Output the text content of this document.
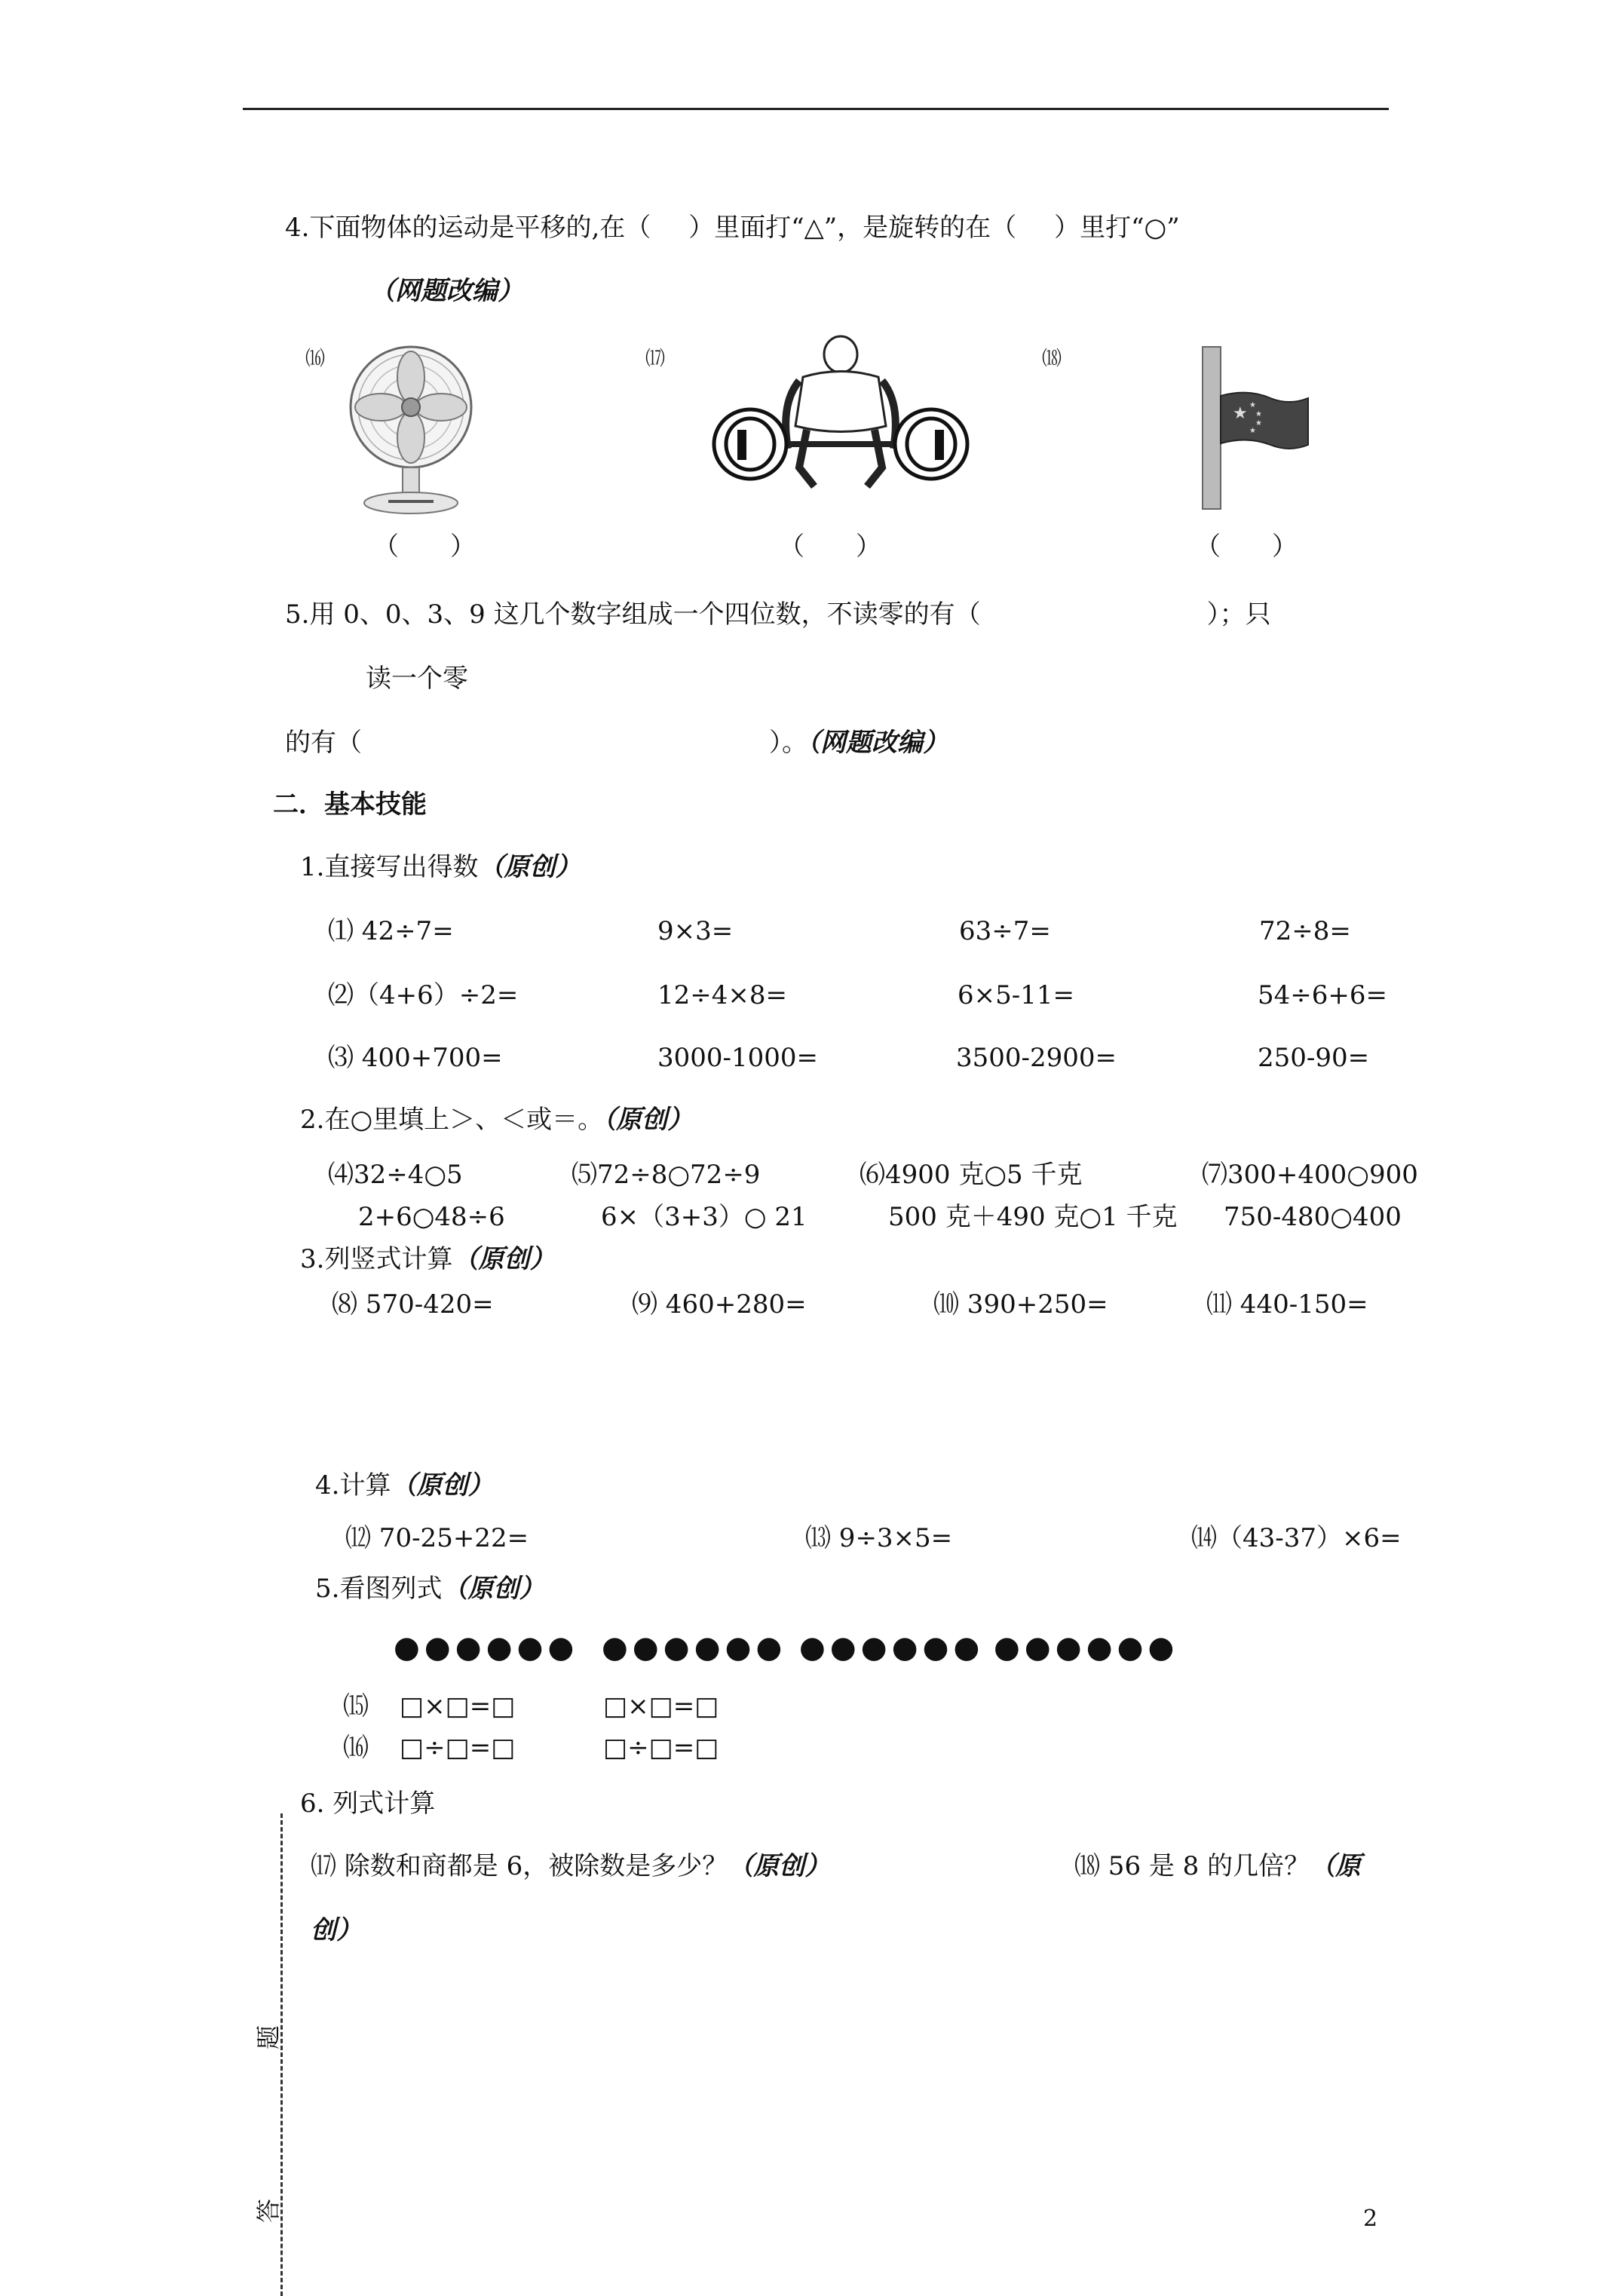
4.下面物体的运动是平移的,在（ ）里面打“△”，是旋转的在（ ）里打“○”
（网题改编）
⒃	⒄	⒅
★ ★
★
★
★
（　　）	（　　）	（　　）
5.用 0、0、3、9 这几个数字组成一个四位数，不读零的有（	）；只
读一个零
的有（	）。（网题改编）
二．基本技能
1.直接写出得数（原创）
⑴ 42÷7=	9×3=	63÷7=	72÷8=
⑵（4+6）÷2=	12÷4×8=	6×5-11=	54÷6+6=
⑶ 400+700=	3000-1000=	3500-2900=	250-90=
2.在○里填上＞、＜或＝。（原创）
⑷32÷4○5	⑸72÷8○72÷9	⑹4900 克○5 千克	⑺300+400○900
2+6○48÷6	6×（3+3）○ 21	500 克＋490 克○1 千克 750-480○400
3.列竖式计算（原创）
⑻ 570-420=	⑼ 460+280=	⑽ 390+250=	⑾ 440-150=
4.计算（原创）
⑿ 70-25+22=	⒀ 9÷3×5=	⒁（43-37）×6=
5.看图列式（原创）
●●●●●● ●●●●●● ●●●●●● ●●●●●●
⒂ □×□=□	□×□=□
⒃ □÷□=□	□÷□=□
6. 列式计算
⒄ 除数和商都是 6，被除数是多少？（原创）	⒅ 56 是 8 的几倍？（原
创）
题
答	2
